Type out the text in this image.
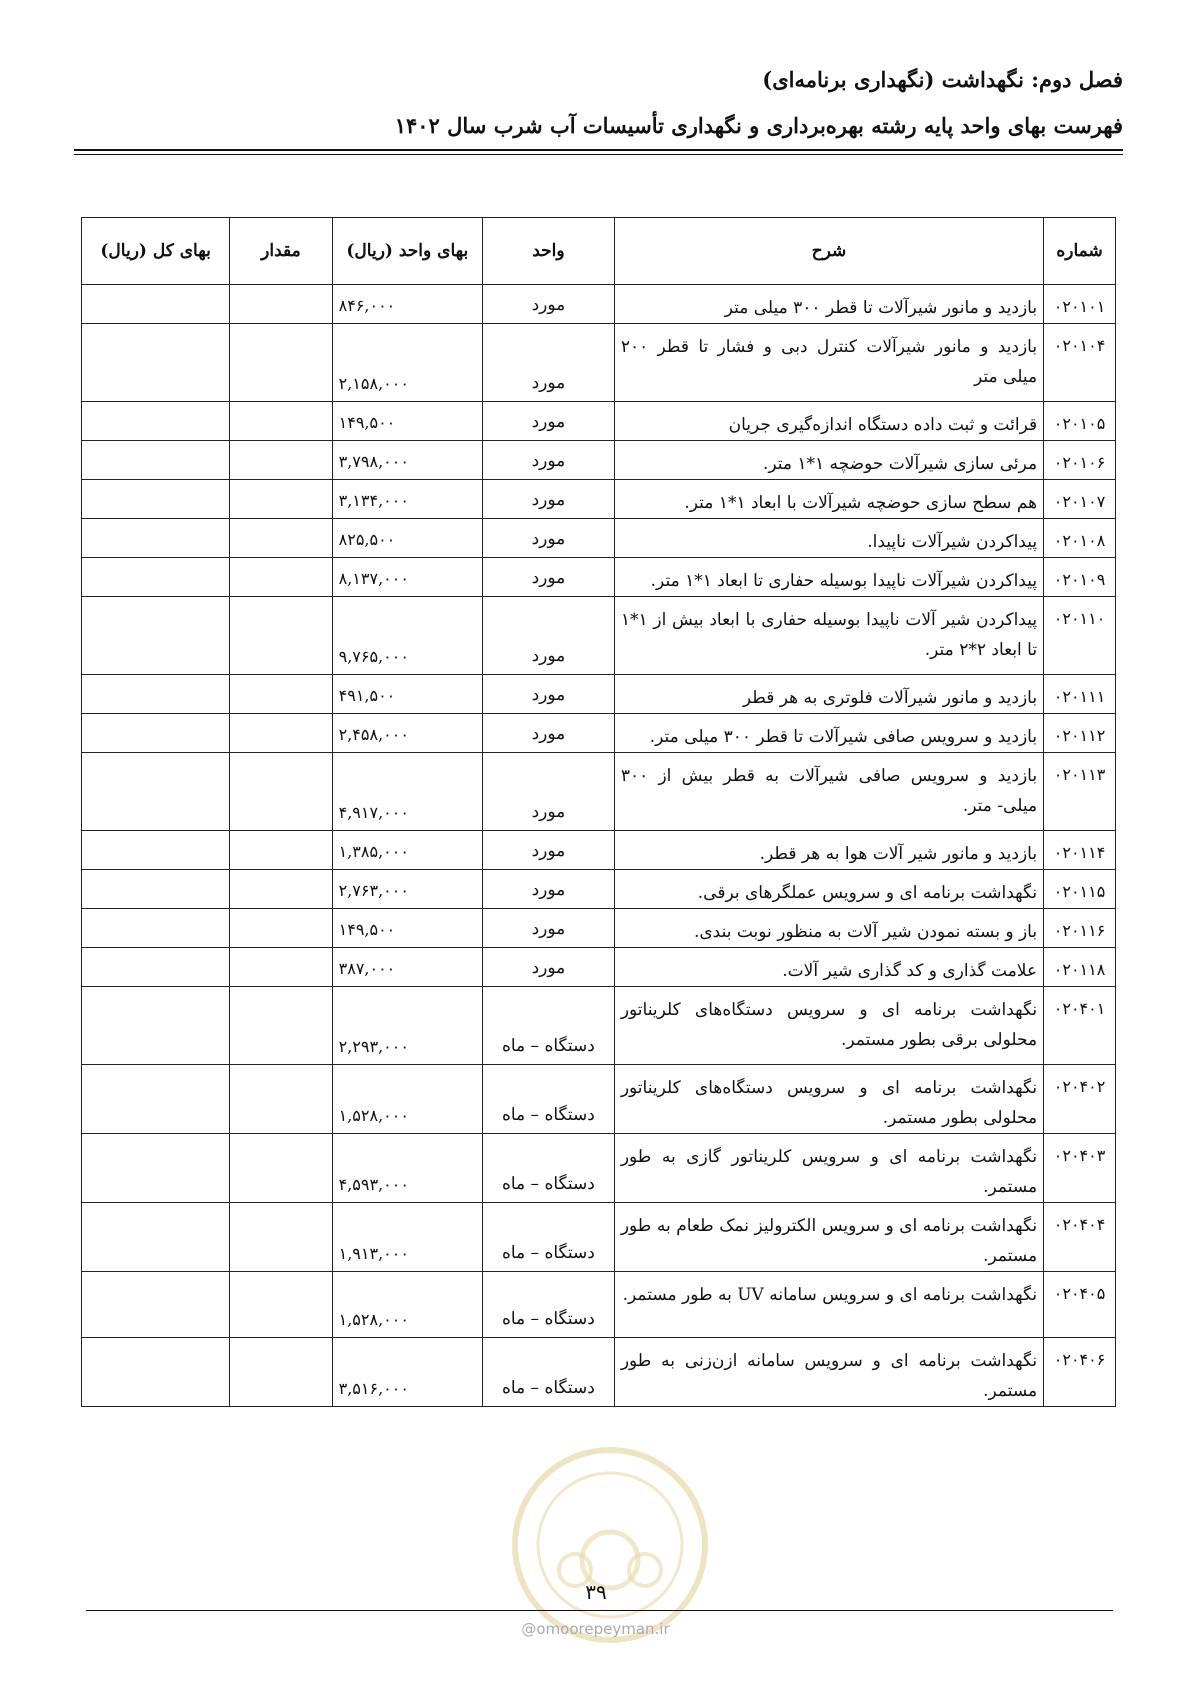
فصل دوم: نگهداشت (نگهداری برنامه‌ای)
فهرست بهای واحد پایه رشته بهره‌برداری و نگهداری تأسیسات آب شرب سال ۱۴۰۲
شماره	شرح	واحد	بهای واحد (ریال)	مقدار	بهای کل (ریال)
۰۲۰۱۰۱	بازدید و مانور شیرآلات تا قطر ۳۰۰ میلی متر	مورد	۸۴۶,۰۰۰		
۰۲۰۱۰۴	بازدید و مانور شیرآلات کنترل دبی و فشار تا قطر ۲۰۰ میلی متر	مورد	۲,۱۵۸,۰۰۰		
۰۲۰۱۰۵	قرائت و ثبت داده دستگاه اندازه‌گیری جریان	مورد	۱۴۹,۵۰۰		
۰۲۰۱۰۶	مرئی سازی شیرآلات حوضچه ۱*۱ متر.	مورد	۳,۷۹۸,۰۰۰		
۰۲۰۱۰۷	هم سطح سازی حوضچه شیرآلات با ابعاد ۱*۱ متر.	مورد	۳,۱۳۴,۰۰۰		
۰۲۰۱۰۸	پیداکردن شیرآلات ناپیدا.	مورد	۸۲۵,۵۰۰		
۰۲۰۱۰۹	پیداکردن شیرآلات ناپیدا بوسیله حفاری تا ابعاد ۱*۱ متر.	مورد	۸,۱۳۷,۰۰۰		
۰۲۰۱۱۰	پیداکردن شیر آلات ناپیدا بوسیله حفاری با ابعاد بیش از ۱*۱ تا ابعاد ۲*۲ متر.	مورد	۹,۷۶۵,۰۰۰		
۰۲۰۱۱۱	بازدید و مانور شیرآلات فلوتری به هر قطر	مورد	۴۹۱,۵۰۰		
۰۲۰۱۱۲	بازدید و سرویس صافی شیرآلات تا قطر ۳۰۰ میلی متر.	مورد	۲,۴۵۸,۰۰۰		
۰۲۰۱۱۳	بازدید و سرویس صافی شیرآلات به قطر بیش از ۳۰۰ میلی- متر.	مورد	۴,۹۱۷,۰۰۰		
۰۲۰۱۱۴	بازدید و مانور شیر آلات هوا به هر قطر.	مورد	۱,۳۸۵,۰۰۰		
۰۲۰۱۱۵	نگهداشت برنامه ای و سرویس عملگرهای برقی.	مورد	۲,۷۶۳,۰۰۰		
۰۲۰۱۱۶	باز و بسته نمودن شیر آلات به منظور نوبت بندی.	مورد	۱۴۹,۵۰۰		
۰۲۰۱۱۸	علامت گذاری و کد گذاری شیر آلات.	مورد	۳۸۷,۰۰۰		
۰۲۰۴۰۱	نگهداشت برنامه ای و سرویس دستگاه‌های کلریناتور محلولی برقی بطور مستمر.	دستگاه – ماه	۲,۲۹۳,۰۰۰		
۰۲۰۴۰۲	نگهداشت برنامه ای و سرویس دستگاه‌های کلریناتور محلولی بطور مستمر.	دستگاه – ماه	۱,۵۲۸,۰۰۰		
۰۲۰۴۰۳	نگهداشت برنامه ای و سرویس کلریناتور گازی به طور مستمر.	دستگاه – ماه	۴,۵۹۳,۰۰۰		
۰۲۰۴۰۴	نگهداشت برنامه ای و سرویس الکترولیز نمک طعام به طور مستمر.	دستگاه – ماه	۱,۹۱۳,۰۰۰		
۰۲۰۴۰۵	نگهداشت برنامه ای و سرویس سامانه UV به طور مستمر.	دستگاه – ماه	۱,۵۲۸,۰۰۰		
۰۲۰۴۰۶	نگهداشت برنامه ای و سرویس سامانه ازن‌زنی به طور مستمر.	دستگاه – ماه	۳,۵۱۶,۰۰۰		
۳۹
@omoorepeyman.ir
